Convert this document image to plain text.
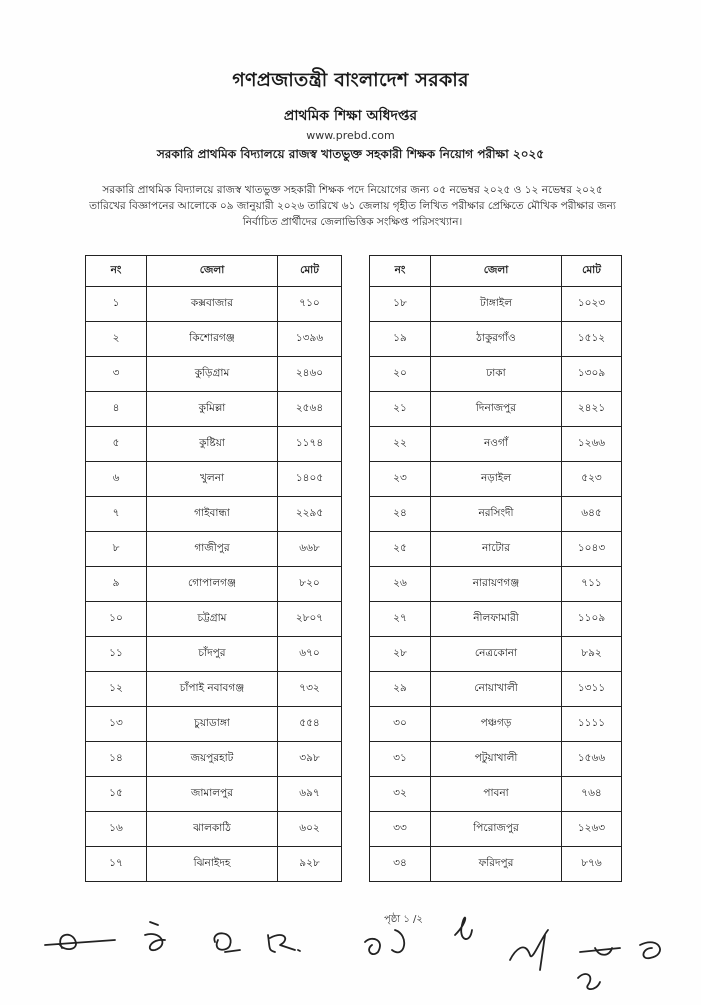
গণপ্রজাতন্ত্রী বাংলাদেশ সরকার
প্রাথমিক শিক্ষা অধিদপ্তর
www.prebd.com
সরকারি প্রাথমিক বিদ্যালয়ে রাজস্ব খাতভুক্ত সহকারী শিক্ষক নিয়োগ পরীক্ষা ২০২৫
সরকারি প্রাথমিক বিদ্যালয়ে রাজস্ব খাতভুক্ত সহকারী শিক্ষক পদে নিয়োগের জন্য ০৫ নভেম্বর ২০২৫ ও ১২ নভেম্বর ২০২৫
তারিখের বিজ্ঞাপনের আলোকে ০৯ জানুয়ারী ২০২৬ তারিখে ৬১ জেলায় গৃহীত লিখিত পরীক্ষার প্রেক্ষিতে মৌখিক পরীক্ষার জন্য
নির্বাচিত প্রার্থীদের জেলাভিত্তিক সংক্ষিপ্ত পরিসংখ্যান।
নং	জেলা	মোট
১	কক্সবাজার	৭১০
২	কিশোরগঞ্জ	১৩৯৬
৩	কুড়িগ্রাম	২৪৬০
৪	কুমিল্লা	২৫৬৪
৫	কুষ্টিয়া	১১৭৪
৬	খুলনা	১৪০৫
৭	গাইবান্ধা	২২৯৫
৮	গাজীপুর	৬৬৮
৯	গোপালগঞ্জ	৮২০
১০	চট্টগ্রাম	২৮০৭
১১	চাঁদপুর	৬৭০
১২	চাঁপাই নবাবগঞ্জ	৭৩২
১৩	চুয়াডাঙ্গা	৫৫৪
১৪	জয়পুরহাট	৩৯৮
১৫	জামালপুর	৬৯৭
১৬	ঝালকাঠি	৬০২
১৭	ঝিনাইদহ	৯২৮
নং	জেলা	মোট
১৮	টাঙ্গাইল	১০২৩
১৯	ঠাকুরগাঁও	১৫১২
২০	ঢাকা	১৩০৯
২১	দিনাজপুর	২৪২১
২২	নওগাঁ	১২৬৬
২৩	নড়াইল	৫২৩
২৪	নরসিংদী	৬৪৫
২৫	নাটোর	১০৪৩
২৬	নারায়ণগঞ্জ	৭১১
২৭	নীলফামারী	১১০৯
২৮	নেত্রকোনা	৮৯২
২৯	নোয়াখালী	১৩১১
৩০	পঞ্চগড়	১১১১
৩১	পটুয়াখালী	১৫৬৬
৩২	পাবনা	৭৬৪
৩৩	পিরোজপুর	১২৬৩
৩৪	ফরিদপুর	৮৭৬
পৃষ্ঠা ১ /২
